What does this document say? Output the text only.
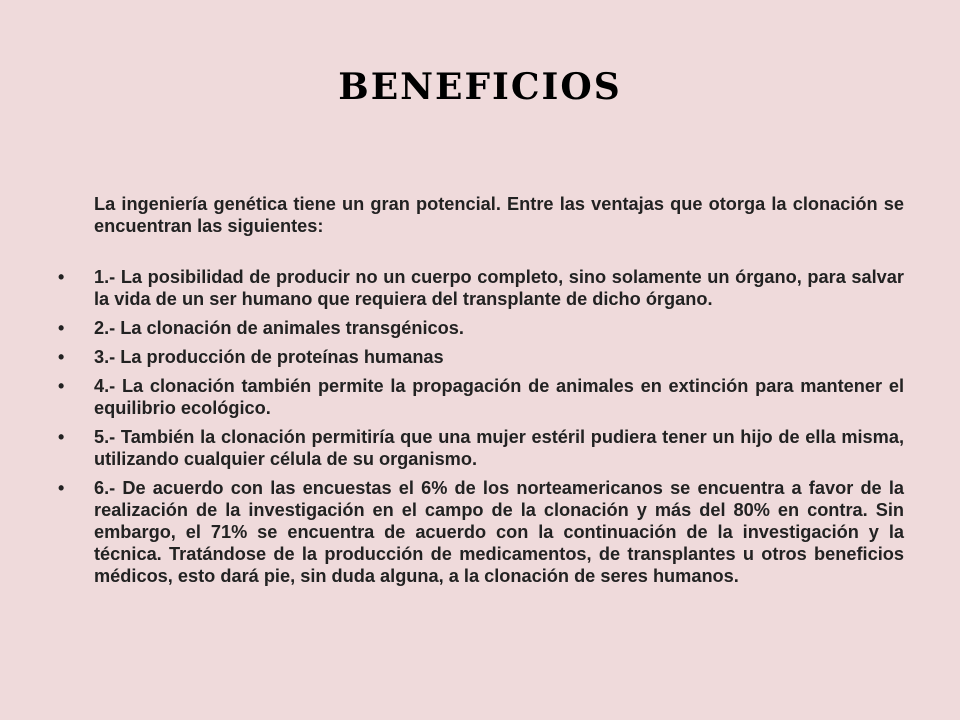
beneficios

La ingeniería genética tiene un gran potencial. Entre las ventajas que otorga la clonación se encuentran las siguientes:

• 1.- La posibilidad de producir no un cuerpo completo, sino solamente un órgano, para salvar la vida de un ser humano que requiera del transplante de dicho órgano.
• 2.- La clonación de animales transgénicos.
• 3.- La producción de proteínas humanas
• 4.- La clonación también permite la propagación de animales en extinción para mantener el equilibrio ecológico.
• 5.- También la clonación permitiría que una mujer estéril pudiera tener un hijo de ella misma, utilizando cualquier célula de su organismo.
• 6.- De acuerdo con las encuestas el 6% de los norteamericanos se encuentra a favor de la realización de la investigación en el campo de la clonación y más del 80% en contra. Sin embargo, el 71% se encuentra de acuerdo con la continuación de la investigación y la técnica. Tratándose de la producción de medicamentos, de transplantes u otros beneficios médicos, esto dará pie, sin duda alguna, a la clonación de seres humanos.
